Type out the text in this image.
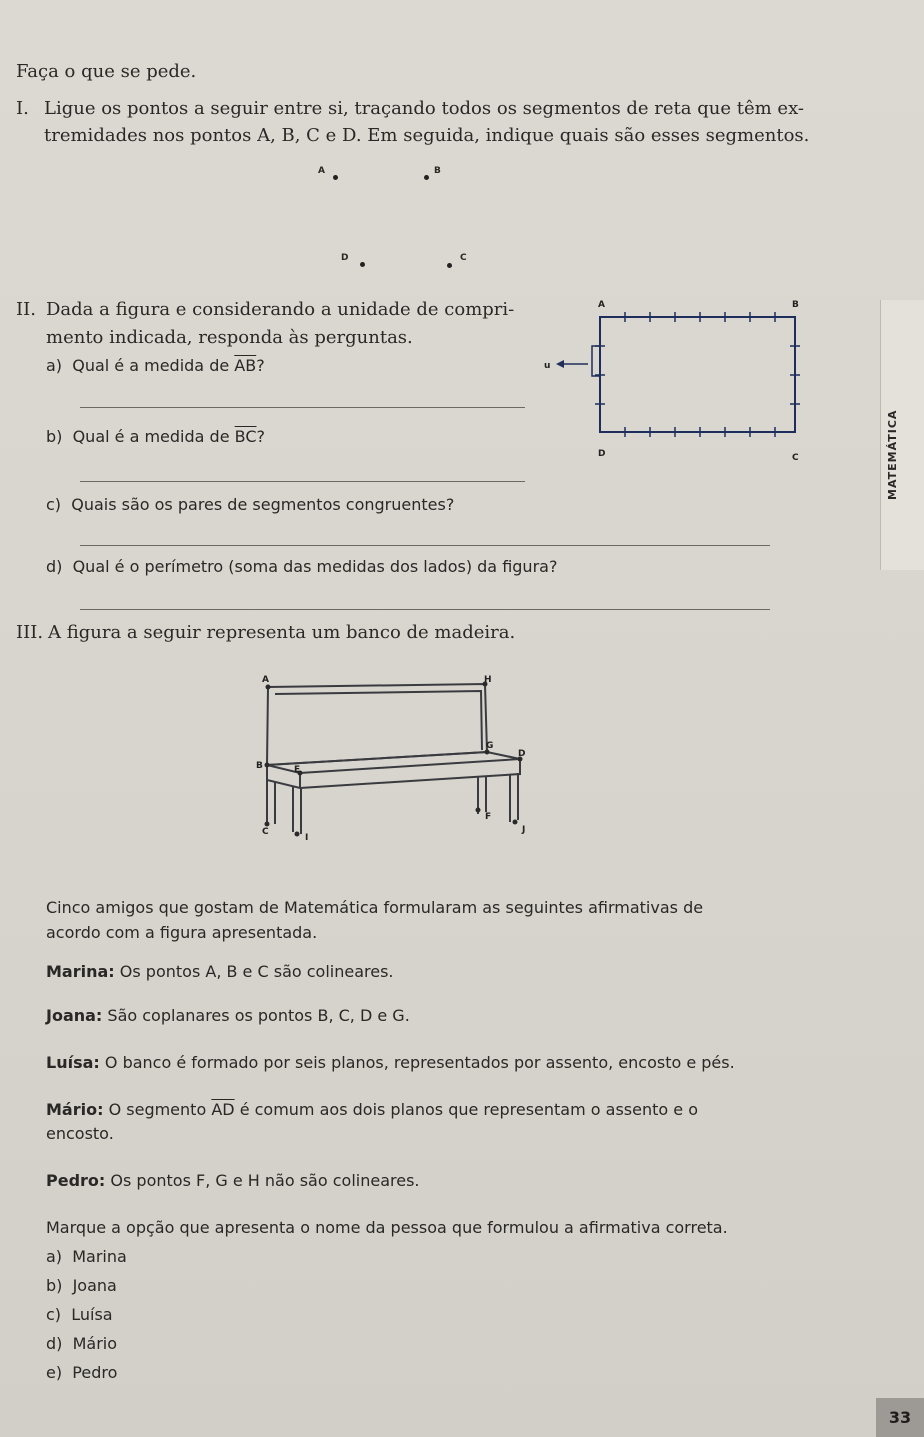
Faça o que se pede.
I. Ligue os pontos a seguir entre si, traçando todos os segmentos de reta que têm ex-
tremidades nos pontos A, B, C e D. Em seguida, indique quais são esses segmentos.
A	B
C
D
II. Dada a figura e considerando a unidade de compri-
mento indicada, responda às perguntas.
a) Qual é a medida de $\overline{AB}$?
b) Qual é a medida de $\overline{BC}$?
c) Quais são os pares de segmentos congruentes?
d) Qual é o perímetro (soma das medidas dos lados) da figura?
A	B
D	C
u
MATEMÁTICA
III. A figura a seguir representa um banco de madeira.
A	H
G
D
B	E
F
C
I
J
Cinco amigos que gostam de Matemática formularam as seguintes afirmativas de
acordo com a figura apresentada.
Marina: Os pontos A, B e C são colineares.
Joana: São coplanares os pontos B, C, D e G.
Luísa: O banco é formado por seis planos, representados por assento, encosto e pés.
Mário: O segmento $\overline{AD}$ é comum aos dois planos que representam o assento e o
encosto.
Pedro: Os pontos F, G e H não são colineares.
Marque a opção que apresenta o nome da pessoa que formulou a afirmativa correta.
a) Marina
b) Joana
c) Luísa
d) Mário
e) Pedro
33
